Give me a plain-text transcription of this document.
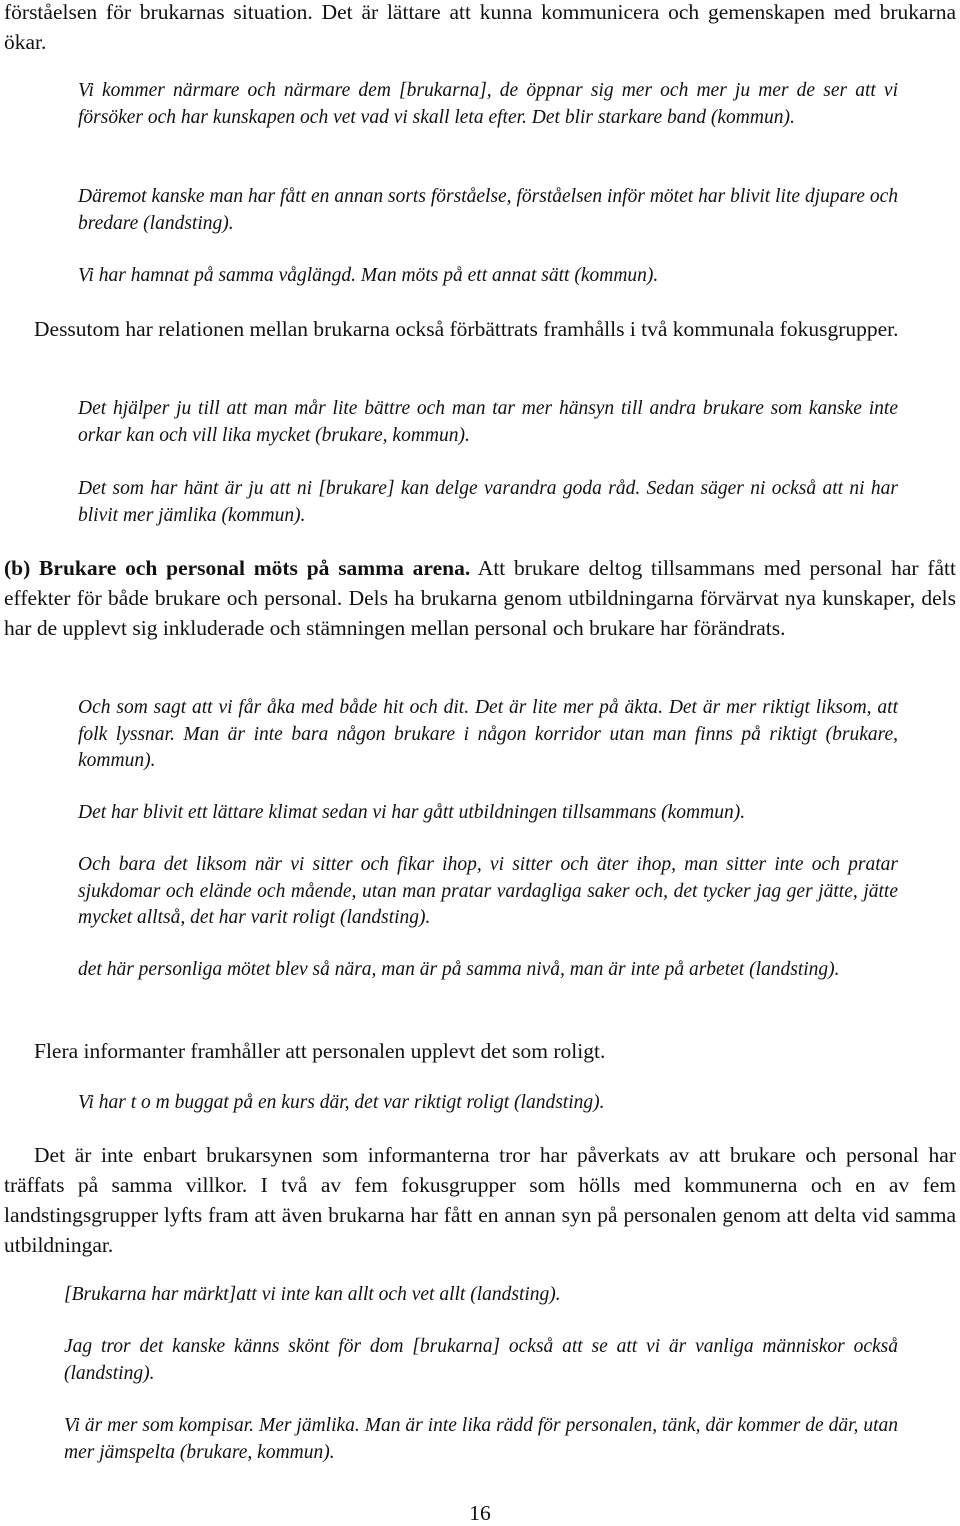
förståelsen för brukarnas situation. Det är lättare att kunna kommunicera och gemenskapen med brukarna ökar.

Vi kommer närmare och närmare dem [brukarna], de öppnar sig mer och mer ju mer de ser att vi försöker och har kunskapen och vet vad vi skall leta efter. Det blir starkare band (kommun).

Däremot kanske man har fått en annan sorts förståelse, förståelsen inför mötet har blivit lite djupare och bredare (landsting).

Vi har hamnat på samma våglängd. Man möts på ett annat sätt (kommun).

Dessutom har relationen mellan brukarna också förbättrats framhålls i två kommunala fokusgrupper.

Det hjälper ju till att man mår lite bättre och man tar mer hänsyn till andra brukare som kanske inte orkar kan och vill lika mycket (brukare, kommun).

Det som har hänt är ju att ni [brukare] kan delge varandra goda råd. Sedan säger ni också att ni har blivit mer jämlika (kommun).

(b) Brukare och personal möts på samma arena. Att brukare deltog tillsammans med personal har fått effekter för både brukare och personal. Dels ha brukarna genom utbildningarna förvärvat nya kunskaper, dels har de upplevt sig inkluderade och stämningen mellan personal och brukare har förändrats.

Och som sagt att vi får åka med både hit och dit. Det är lite mer på äkta. Det är mer riktigt liksom, att folk lyssnar. Man är inte bara någon brukare i någon korridor utan man finns på riktigt (brukare, kommun).

Det har blivit ett lättare klimat sedan vi har gått utbildningen tillsammans (kommun).

Och bara det liksom när vi sitter och fikar ihop, vi sitter och äter ihop, man sitter inte och pratar sjukdomar och elände och mående, utan man pratar vardagliga saker och, det tycker jag ger jätte, jätte mycket alltså, det har varit roligt (landsting).

det här personliga mötet blev så nära, man är på samma nivå, man är inte på arbetet (landsting).

Flera informanter framhåller att personalen upplevt det som roligt.

Vi har t o m buggat på en kurs där, det var riktigt roligt (landsting).

Det är inte enbart brukarsynen som informanterna tror har påverkats av att brukare och personal har träffats på samma villkor. I två av fem fokusgrupper som hölls med kommunerna och en av fem landstingsgrupper lyfts fram att även brukarna har fått en annan syn på personalen genom att delta vid samma utbildningar.

[Brukarna har märkt]att vi inte kan allt och vet allt (landsting).

Jag tror det kanske känns skönt för dom [brukarna] också att se att vi är vanliga människor också (landsting).

Vi är mer som kompisar. Mer jämlika. Man är inte lika rädd för personalen, tänk, där kommer de där, utan mer jämspelta (brukare, kommun).

16
